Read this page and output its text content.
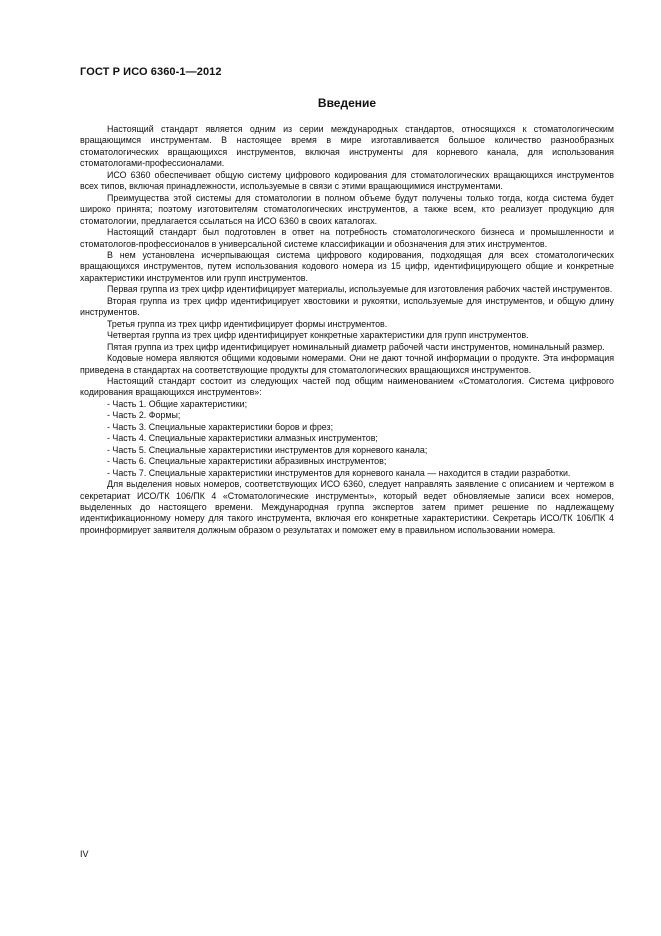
ГОСТ Р ИСО 6360-1—2012
Введение

Настоящий стандарт является одним из серии международных стандартов, относящихся к стоматологическим вращающимся инструментам. В настоящее время в мире изготавливается большое количество разнообразных стоматологических вращающихся инструментов, включая инструменты для корневого канала, для использования стоматологами-профессионалами.

ИСО 6360 обеспечивает общую систему цифрового кодирования для стоматологических вращающихся инструментов всех типов, включая принадлежности, используемые в связи с этими вращающимися инструментами.

Преимущества этой системы для стоматологии в полном объеме будут получены только тогда, когда система будет широко принята; поэтому изготовителям стоматологических инструментов, а также всем, кто реализует продукцию для стоматологии, предлагается ссылаться на ИСО 6360 в своих каталогах.

Настоящий стандарт был подготовлен в ответ на потребность стоматологического бизнеса и промышленности и стоматологов-профессионалов в универсальной системе классификации и обозначения для этих инструментов.

В нем установлена исчерпывающая система цифрового кодирования, подходящая для всех стоматологических вращающихся инструментов, путем использования кодового номера из 15 цифр, идентифицирующего общие и конкретные характеристики инструментов или групп инструментов.

Первая группа из трех цифр идентифицирует материалы, используемые для изготовления рабочих частей инструментов.

Вторая группа из трех цифр идентифицирует хвостовики и рукоятки, используемые для инструментов, и общую длину инструментов.

Третья группа из трех цифр идентифицирует формы инструментов.

Четвертая группа из трех цифр идентифицирует конкретные характеристики для групп инструментов.

Пятая группа из трех цифр идентифицирует номинальный диаметр рабочей части инструментов, номинальный размер.

Кодовые номера являются общими кодовыми номерами. Они не дают точной информации о продукте. Эта информация приведена в стандартах на соответствующие продукты для стоматологических вращающихся инструментов.

Настоящий стандарт состоит из следующих частей под общим наименованием «Стоматология. Система цифрового кодирования вращающихся инструментов»:

- Часть 1. Общие характеристики;

- Часть 2. Формы;

- Часть 3. Специальные характеристики боров и фрез;

- Часть 4. Специальные характеристики алмазных инструментов;

- Часть 5. Специальные характеристики инструментов для корневого канала;

- Часть 6. Специальные характеристики абразивных инструментов;

- Часть 7. Специальные характеристики инструментов для корневого канала — находится в стадии разработки.

Для выделения новых номеров, соответствующих ИСО 6360, следует направлять заявление с описанием и чертежом в секретариат ИСО/ТК 106/ПК 4 «Стоматологические инструменты», который ведет обновляемые записи всех номеров, выделенных до настоящего времени. Международная группа экспертов затем примет решение по надлежащему идентификационному номеру для такого инструмента, включая его конкретные характеристики. Секретарь ИСО/ТК 106/ПК 4 проинформирует заявителя должным образом о результатах и поможет ему в правильном использовании номера.

IV
